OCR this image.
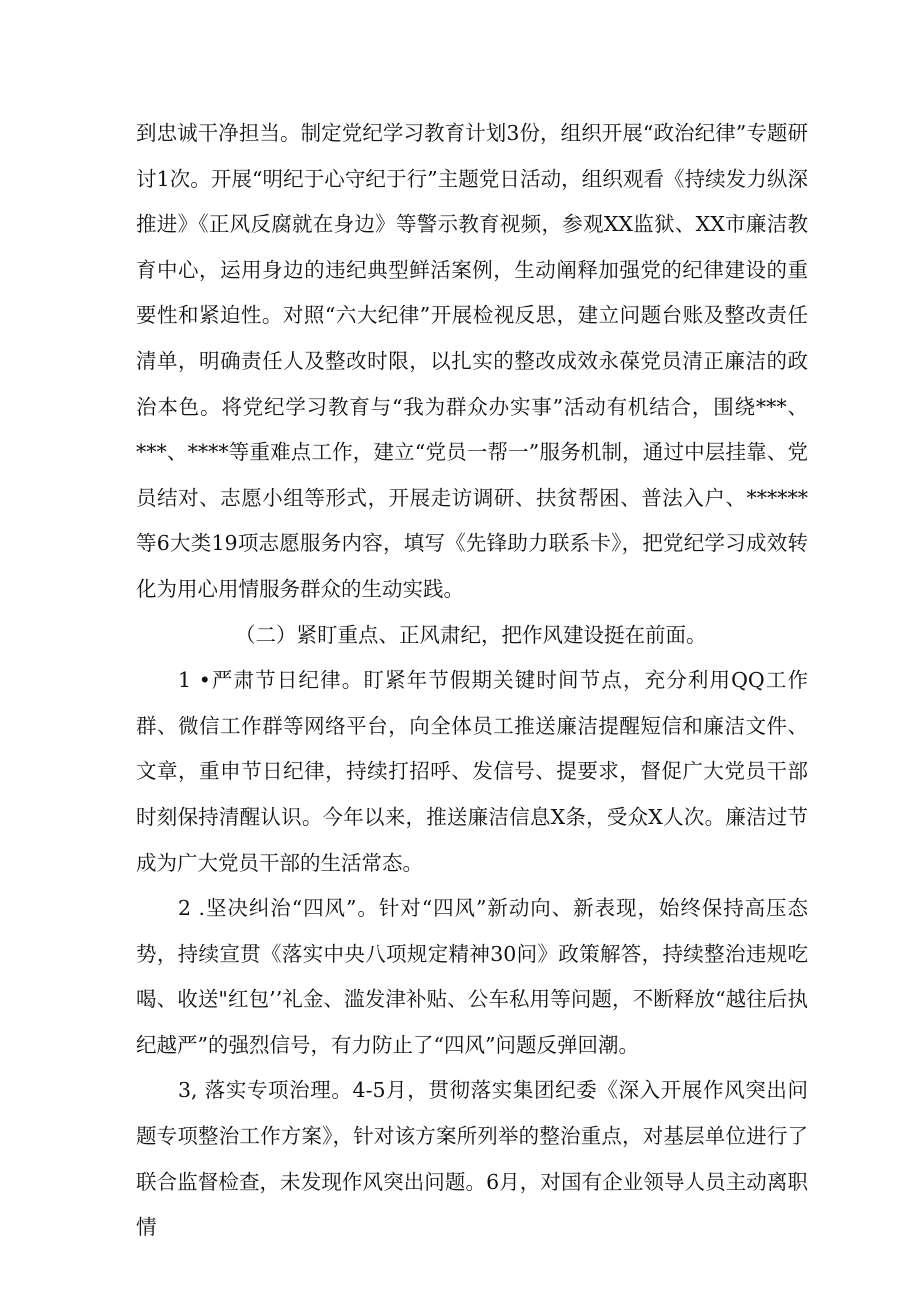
到忠诚干净担当。制定党纪学习教育计划3份，组织开展“政治纪律”专题研讨1次。开展“明纪于心守纪于行”主题党日活动，组织观看《持续发力纵深推进》《正风反腐就在身边》等警示教育视频，参观XX监狱、XX市廉洁教育中心，运用身边的违纪典型鲜活案例，生动阐释加强党的纪律建设的重要性和紧迫性。对照“六大纪律”开展检视反思，建立问题台账及整改责任清单，明确责任人及整改时限，以扎实的整改成效永葆党员清正廉洁的政治本色。将党纪学习教育与“我为群众办实事”活动有机结合，围绕***、***、****等重难点工作，建立“党员一帮一”服务机制，通过中层挂靠、党员结对、志愿小组等形式，开展走访调研、扶贫帮困、普法入户、******等6大类19项志愿服务内容，填写《先锋助力联系卡》，把党纪学习成效转化为用心用情服务群众的生动实践。

（二）紧盯重点、正风肃纪，把作风建设挺在前面。

1 •严肃节日纪律。盯紧年节假期关键时间节点，充分利用QQ工作群、微信工作群等网络平台，向全体员工推送廉洁提醒短信和廉洁文件、文章，重申节日纪律，持续打招呼、发信号、提要求，督促广大党员干部时刻保持清醒认识。今年以来，推送廉洁信息X条，受众X人次。廉洁过节成为广大党员干部的生活常态。

2 .坚决纠治“四风”。针对“四风”新动向、新表现，始终保持高压态势，持续宣贯《落实中央八项规定精神30问》政策解答，持续整治违规吃喝、收送"红包’’礼金、滥发津补贴、公车私用等问题，不断释放“越往后执纪越严”的强烈信号，有力防止了“四风”问题反弹回潮。

3, 落实专项治理。4-5月，贯彻落实集团纪委《深入开展作风突出问题专项整治工作方案》，针对该方案所列举的整治重点，对基层单位进行了联合监督检查，未发现作风突出问题。6月，对国有企业领导人员主动离职情
